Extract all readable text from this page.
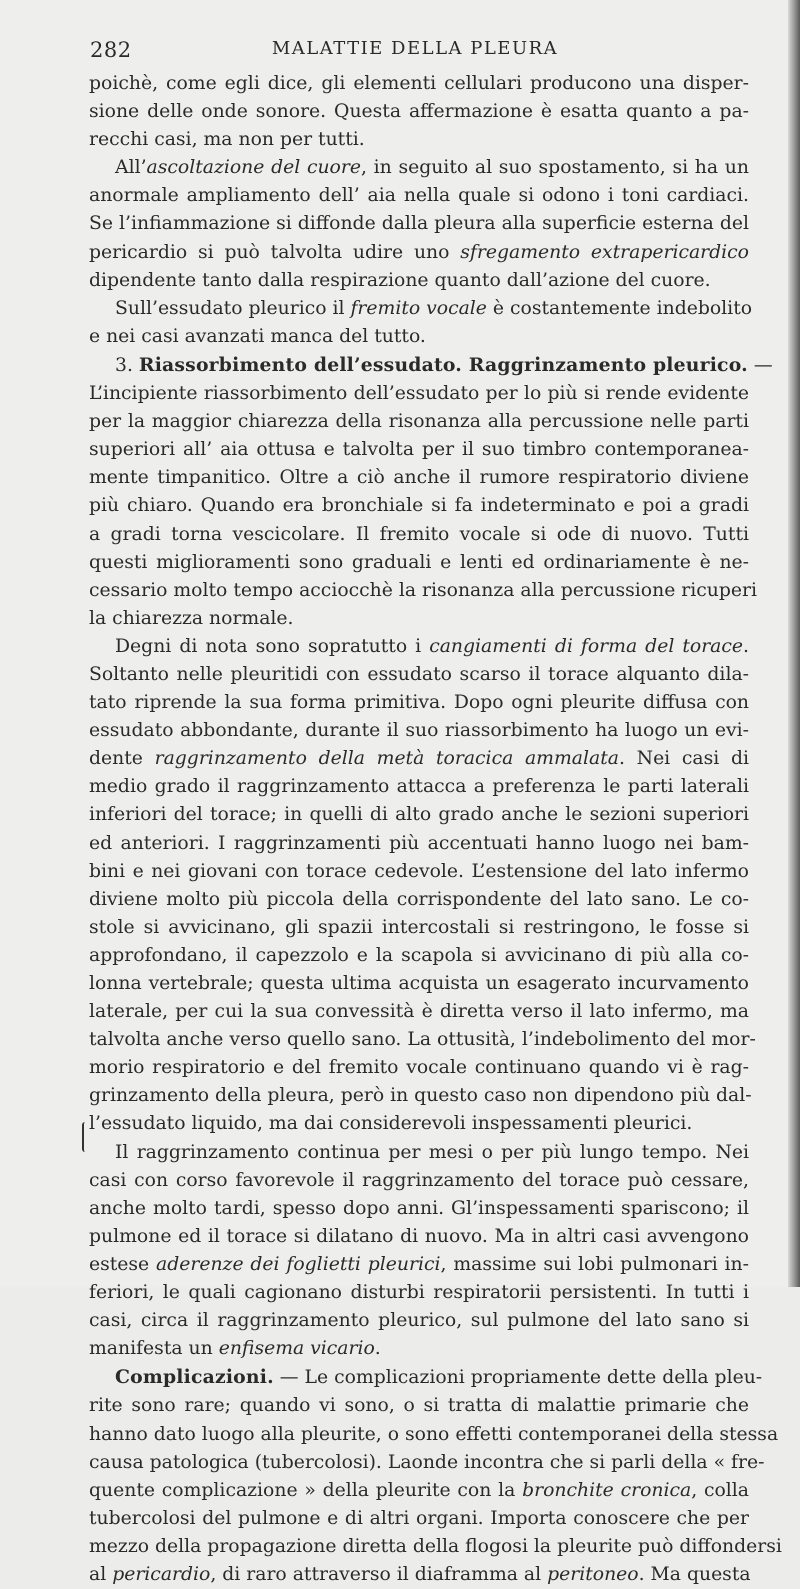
282	MALATTIE DELLA PLEURA
poichè, come egli dice, gli elementi cellulari producono una disper-
sione delle onde sonore. Questa affermazione è esatta quanto a pa-
recchi casi, ma non per tutti.
All’ascoltazione del cuore, in seguito al suo spostamento, si ha un
anormale ampliamento dell’ aia nella quale si odono i toni cardiaci.
Se l’infiammazione si diffonde dalla pleura alla superficie esterna del
pericardio si può talvolta udire uno sfregamento extrapericardico
dipendente tanto dalla respirazione quanto dall’azione del cuore.
Sull’essudato pleurico il fremito vocale è costantemente indebolito
e nei casi avanzati manca del tutto.
3. Riassorbimento dell’essudato. Raggrinzamento pleurico. —
L’incipiente riassorbimento dell’essudato per lo più si rende evidente
per la maggior chiarezza della risonanza alla percussione nelle parti
superiori all’ aia ottusa e talvolta per il suo timbro contemporanea-
mente timpanitico. Oltre a ciò anche il rumore respiratorio diviene
più chiaro. Quando era bronchiale si fa indeterminato e poi a gradi
a gradi torna vescicolare. Il fremito vocale si ode di nuovo. Tutti
questi miglioramenti sono graduali e lenti ed ordinariamente è ne-
cessario molto tempo acciocchè la risonanza alla percussione ricuperi
la chiarezza normale.
Degni di nota sono sopratutto i cangiamenti di forma del torace.
Soltanto nelle pleuritidi con essudato scarso il torace alquanto dila-
tato riprende la sua forma primitiva. Dopo ogni pleurite diffusa con
essudato abbondante, durante il suo riassorbimento ha luogo un evi-
dente raggrinzamento della metà toracica ammalata. Nei casi di
medio grado il raggrinzamento attacca a preferenza le parti laterali
inferiori del torace; in quelli di alto grado anche le sezioni superiori
ed anteriori. I raggrinzamenti più accentuati hanno luogo nei bam-
bini e nei giovani con torace cedevole. L’estensione del lato infermo
diviene molto più piccola della corrispondente del lato sano. Le co-
stole si avvicinano, gli spazii intercostali si restringono, le fosse si
approfondano, il capezzolo e la scapola si avvicinano di più alla co-
lonna vertebrale; questa ultima acquista un esagerato incurvamento
laterale, per cui la sua convessità è diretta verso il lato infermo, ma
talvolta anche verso quello sano. La ottusità, l’indebolimento del mor-
morio respiratorio e del fremito vocale continuano quando vi è rag-
grinzamento della pleura, però in questo caso non dipendono più dal-
l’essudato liquido, ma dai considerevoli inspessamenti pleurici.
Il raggrinzamento continua per mesi o per più lungo tempo. Nei
casi con corso favorevole il raggrinzamento del torace può cessare,
anche molto tardi, spesso dopo anni. Gl’inspessamenti spariscono; il
pulmone ed il torace si dilatano di nuovo. Ma in altri casi avvengono
estese aderenze dei foglietti pleurici, massime sui lobi pulmonari in-
feriori, le quali cagionano disturbi respiratorii persistenti. In tutti i
casi, circa il raggrinzamento pleurico, sul pulmone del lato sano si
manifesta un enfisema vicario.
Complicazioni. — Le complicazioni propriamente dette della pleu-
rite sono rare; quando vi sono, o si tratta di malattie primarie che
hanno dato luogo alla pleurite, o sono effetti contemporanei della stessa
causa patologica (tubercolosi). Laonde incontra che si parli della « fre-
quente complicazione » della pleurite con la bronchite cronica, colla
tubercolosi del pulmone e di altri organi. Importa conoscere che per
mezzo della propagazione diretta della flogosi la pleurite può diffondersi
al pericardio, di raro attraverso il diaframma al peritoneo. Ma questa
